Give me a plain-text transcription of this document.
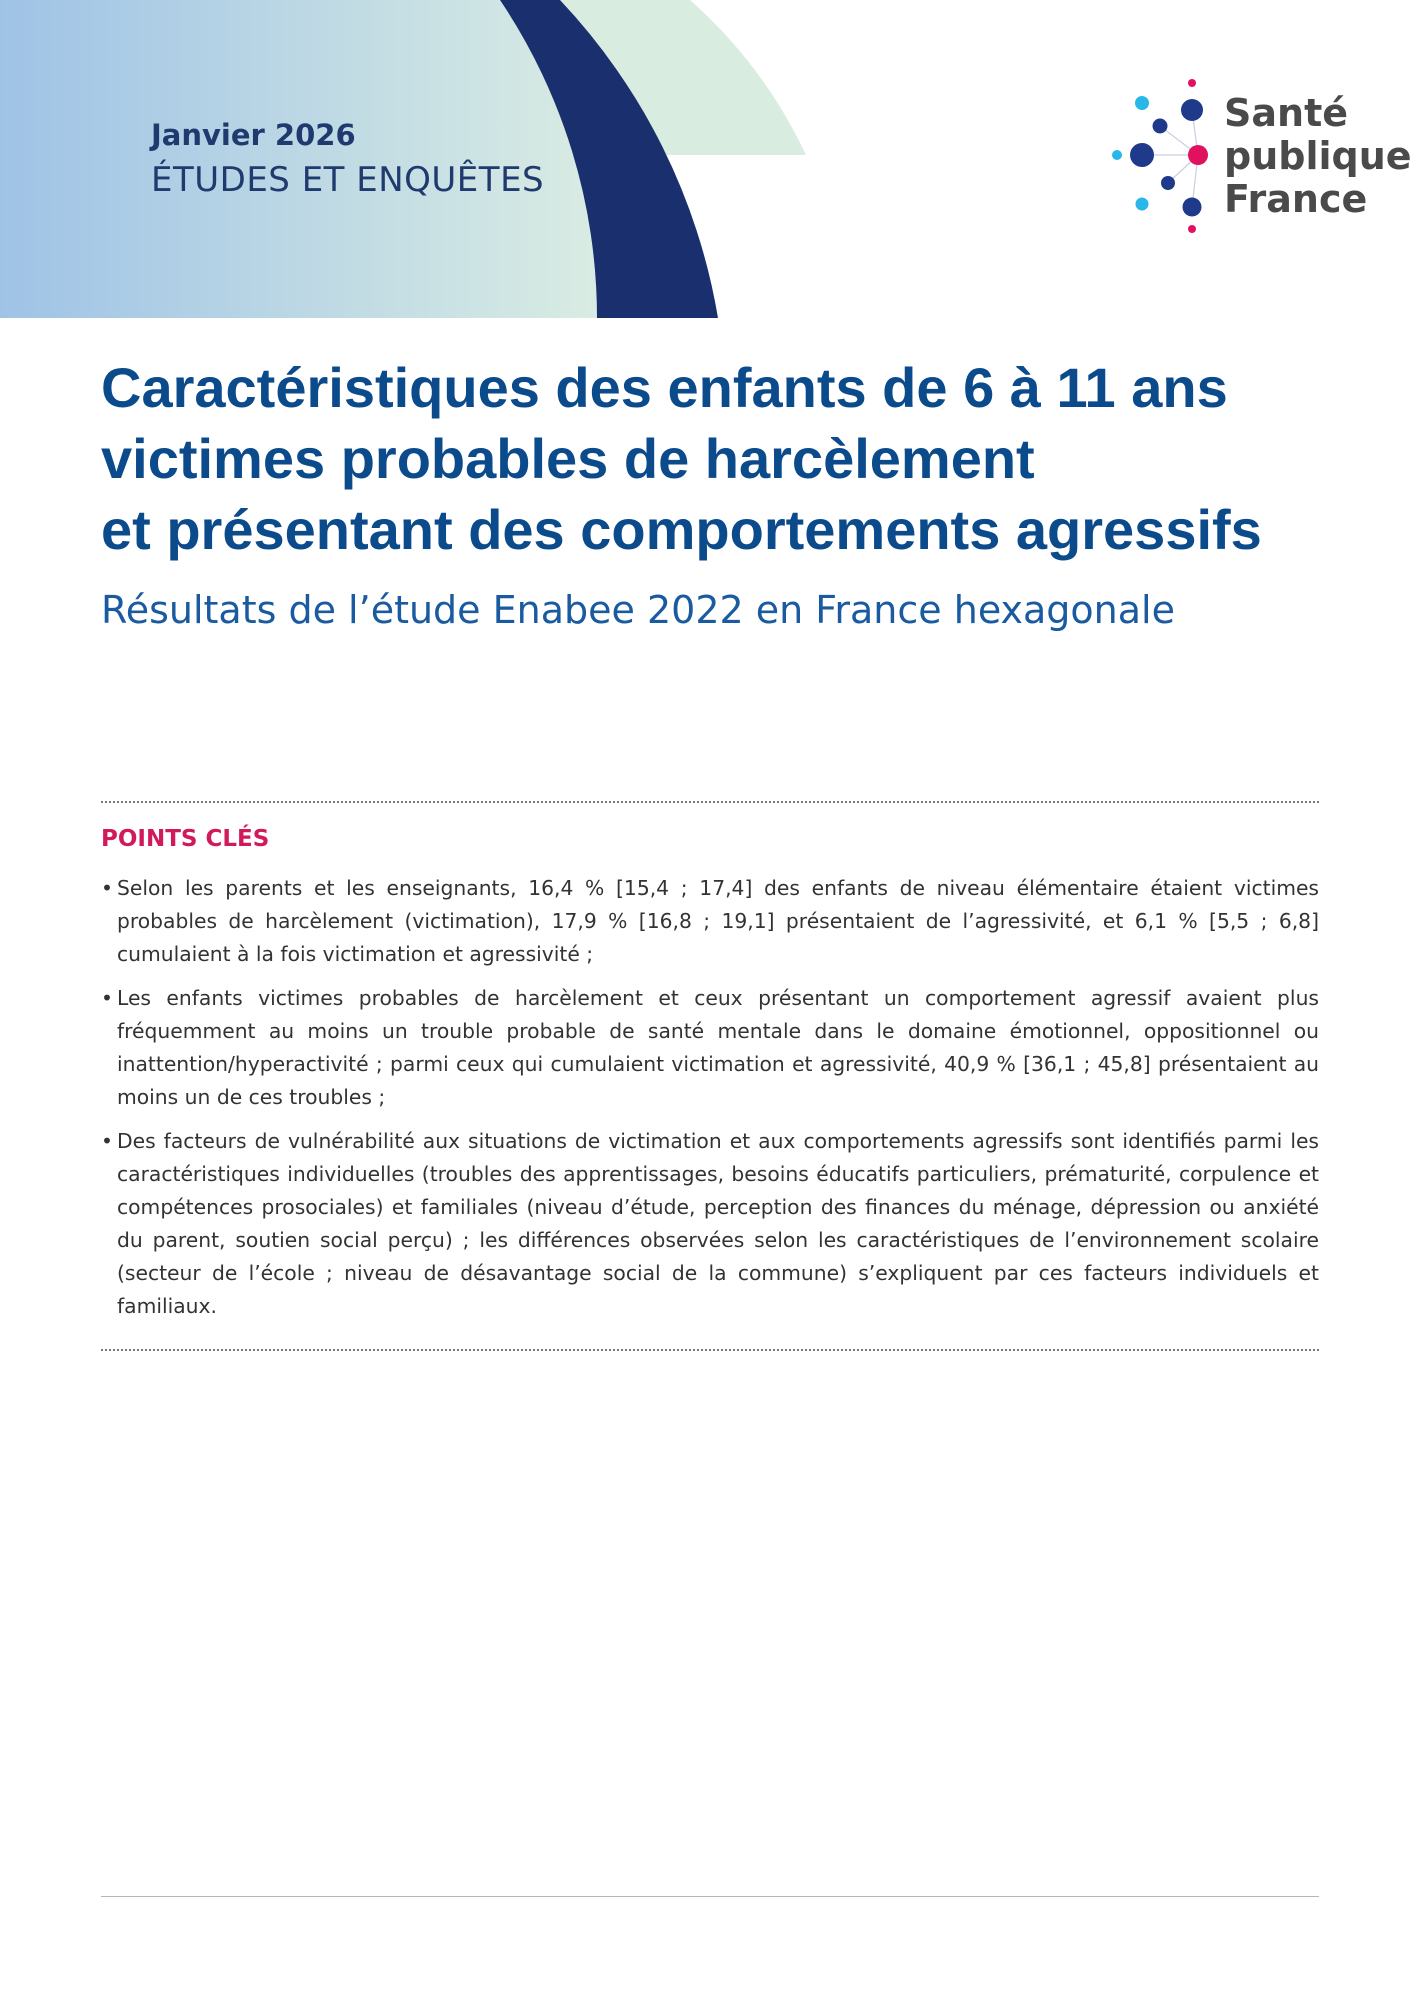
Janvier 2026
ÉTUDES ET ENQUÊTES
Santé
publique
France
Caractéristiques des enfants de 6 à 11 ans
victimes probables de harcèlement
et présentant des comportements agressifs

Résultats de l’étude Enabee 2022 en France hexagonale

POINTS CLÉS
• Selon les parents et les enseignants, 16,4 % [15,4 ; 17,4] des enfants de niveau élémentaire étaient victimes probables de harcèlement (victimation), 17,9 % [16,8 ; 19,1] présentaient de l’agressivité, et 6,1 % [5,5 ; 6,8] cumulaient à la fois victimation et agressivité ;
• Les enfants victimes probables de harcèlement et ceux présentant un comportement agressif avaient plus fréquemment au moins un trouble probable de santé mentale dans le domaine émotionnel, oppositionnel ou inattention/hyperactivité ; parmi ceux qui cumulaient victimation et agressivité, 40,9 % [36,1 ; 45,8] présentaient au moins un de ces troubles ;
• Des facteurs de vulnérabilité aux situations de victimation et aux comportements agressifs sont identifiés parmi les caractéristiques individuelles (troubles des apprentissages, besoins éducatifs particuliers, prématurité, corpulence et compétences prosociales) et familiales (niveau d’étude, perception des finances du ménage, dépression ou anxiété du parent, soutien social perçu) ; les différences observées selon les caractéristiques de l’environnement scolaire (secteur de l’école ; niveau de désavantage social de la commune) s’expliquent par ces facteurs individuels et familiaux.
